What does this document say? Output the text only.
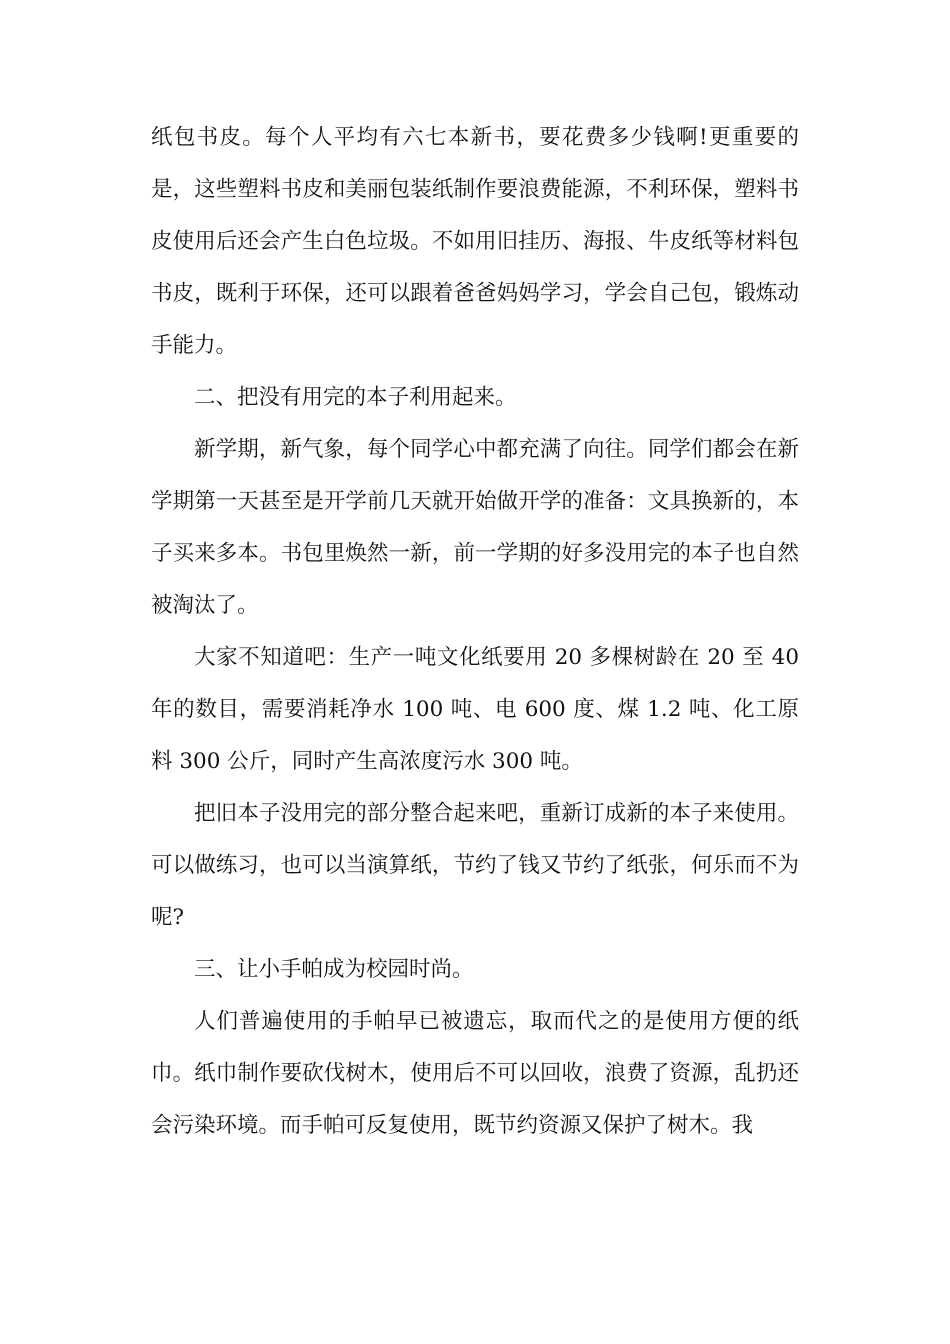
纸包书皮。每个人平均有六七本新书，要花费多少钱啊!更重要的是，这些塑料书皮和美丽包装纸制作要浪费能源，不利环保，塑料书皮使用后还会产生白色垃圾。不如用旧挂历、海报、牛皮纸等材料包书皮，既利于环保，还可以跟着爸爸妈妈学习，学会自己包，锻炼动手能力。

二、把没有用完的本子利用起来。

新学期，新气象，每个同学心中都充满了向往。同学们都会在新学期第一天甚至是开学前几天就开始做开学的准备：文具换新的，本子买来多本。书包里焕然一新，前一学期的好多没用完的本子也自然被淘汰了。

大家不知道吧：生产一吨文化纸要用 20 多棵树龄在 20 至 40 年的数目，需要消耗净水 100 吨、电 600 度、煤 1.2 吨、化工原料 300 公斤，同时产生高浓度污水 300 吨。

把旧本子没用完的部分整合起来吧，重新订成新的本子来使用。可以做练习，也可以当演算纸，节约了钱又节约了纸张，何乐而不为呢?

三、让小手帕成为校园时尚。

人们普遍使用的手帕早已被遗忘，取而代之的是使用方便的纸巾。纸巾制作要砍伐树木，使用后不可以回收，浪费了资源，乱扔还会污染环境。而手帕可反复使用，既节约资源又保护了树木。我
